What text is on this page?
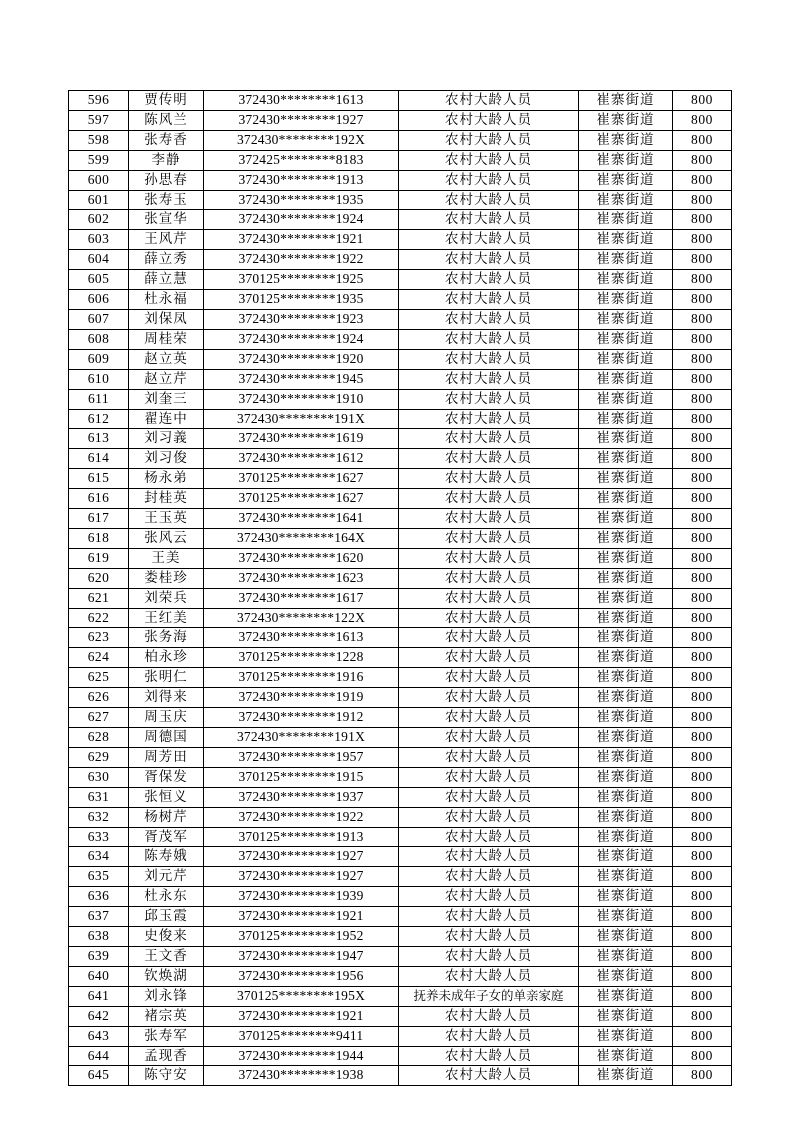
596	贾传明	372430********1613	农村大龄人员	崔寨街道	800
597	陈风兰	372430********1927	农村大龄人员	崔寨街道	800
598	张寿香	372430********192X	农村大龄人员	崔寨街道	800
599	李静	372425********8183	农村大龄人员	崔寨街道	800
600	孙思春	372430********1913	农村大龄人员	崔寨街道	800
601	张寿玉	372430********1935	农村大龄人员	崔寨街道	800
602	张宣华	372430********1924	农村大龄人员	崔寨街道	800
603	王风芹	372430********1921	农村大龄人员	崔寨街道	800
604	薛立秀	372430********1922	农村大龄人员	崔寨街道	800
605	薛立慧	370125********1925	农村大龄人员	崔寨街道	800
606	杜永福	370125********1935	农村大龄人员	崔寨街道	800
607	刘保凤	372430********1923	农村大龄人员	崔寨街道	800
608	周桂荣	372430********1924	农村大龄人员	崔寨街道	800
609	赵立英	372430********1920	农村大龄人员	崔寨街道	800
610	赵立芹	372430********1945	农村大龄人员	崔寨街道	800
611	刘奎三	372430********1910	农村大龄人员	崔寨街道	800
612	翟连中	372430********191X	农村大龄人员	崔寨街道	800
613	刘习義	372430********1619	农村大龄人员	崔寨街道	800
614	刘习俊	372430********1612	农村大龄人员	崔寨街道	800
615	杨永弟	370125********1627	农村大龄人员	崔寨街道	800
616	封桂英	370125********1627	农村大龄人员	崔寨街道	800
617	王玉英	372430********1641	农村大龄人员	崔寨街道	800
618	张风云	372430********164X	农村大龄人员	崔寨街道	800
619	王美	372430********1620	农村大龄人员	崔寨街道	800
620	娄桂珍	372430********1623	农村大龄人员	崔寨街道	800
621	刘荣兵	372430********1617	农村大龄人员	崔寨街道	800
622	王红美	372430********122X	农村大龄人员	崔寨街道	800
623	张务海	372430********1613	农村大龄人员	崔寨街道	800
624	柏永珍	370125********1228	农村大龄人员	崔寨街道	800
625	张明仁	370125********1916	农村大龄人员	崔寨街道	800
626	刘得来	372430********1919	农村大龄人员	崔寨街道	800
627	周玉庆	372430********1912	农村大龄人员	崔寨街道	800
628	周德国	372430********191X	农村大龄人员	崔寨街道	800
629	周芳田	372430********1957	农村大龄人员	崔寨街道	800
630	胥保发	370125********1915	农村大龄人员	崔寨街道	800
631	张恒义	372430********1937	农村大龄人员	崔寨街道	800
632	杨树芹	372430********1922	农村大龄人员	崔寨街道	800
633	胥茂军	370125********1913	农村大龄人员	崔寨街道	800
634	陈寿娥	372430********1927	农村大龄人员	崔寨街道	800
635	刘元芹	372430********1927	农村大龄人员	崔寨街道	800
636	杜永东	372430********1939	农村大龄人员	崔寨街道	800
637	邱玉霞	372430********1921	农村大龄人员	崔寨街道	800
638	史俊来	370125********1952	农村大龄人员	崔寨街道	800
639	王文香	372430********1947	农村大龄人员	崔寨街道	800
640	钦焕湖	372430********1956	农村大龄人员	崔寨街道	800
641	刘永锋	370125********195X	抚养未成年子女的单亲家庭	崔寨街道	800
642	褚宗英	372430********1921	农村大龄人员	崔寨街道	800
643	张寿军	370125********9411	农村大龄人员	崔寨街道	800
644	孟现香	372430********1944	农村大龄人员	崔寨街道	800
645	陈守安	372430********1938	农村大龄人员	崔寨街道	800
